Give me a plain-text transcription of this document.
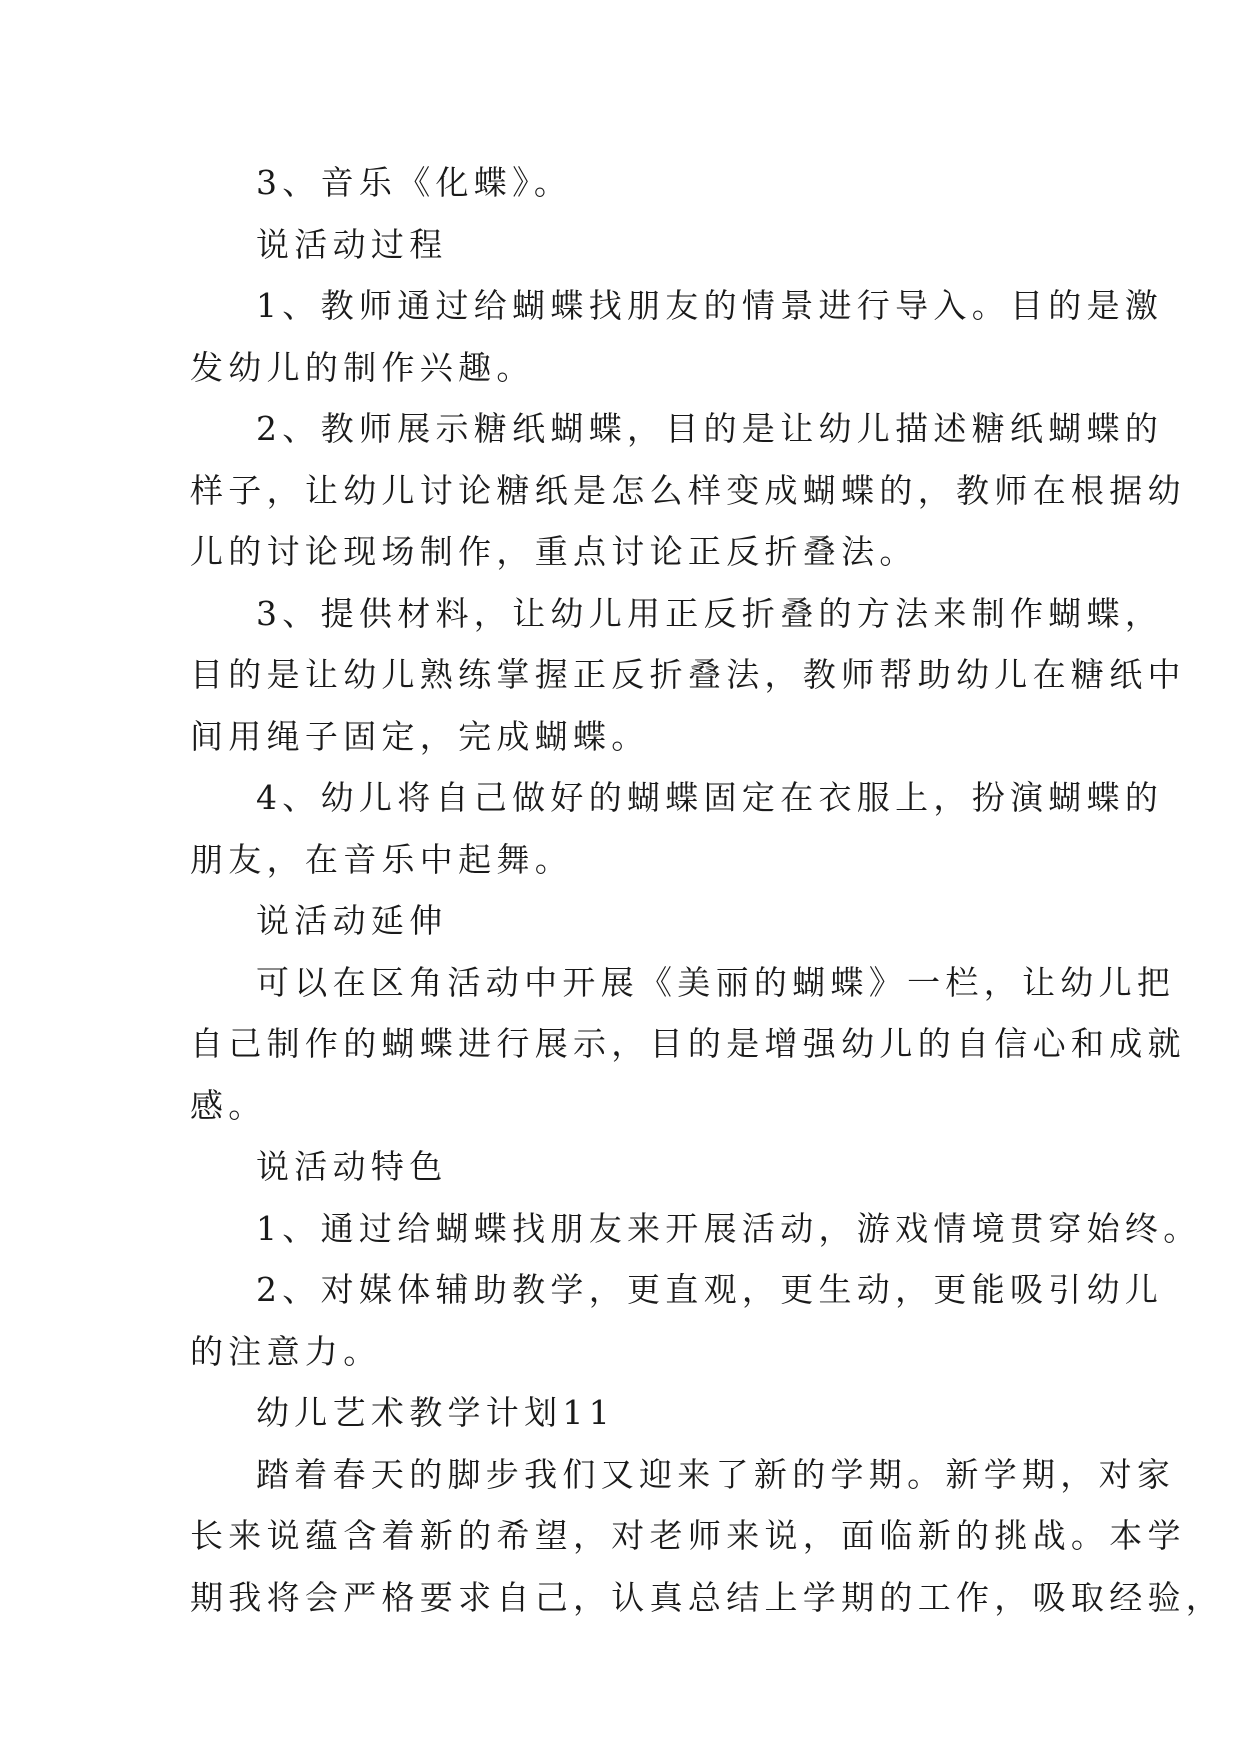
3、音乐《化蝶》。

说活动过程

1、教师通过给蝴蝶找朋友的情景进行导入。目的是激
发幼儿的制作兴趣。

2、教师展示糖纸蝴蝶，目的是让幼儿描述糖纸蝴蝶的
样子，让幼儿讨论糖纸是怎么样变成蝴蝶的，教师在根据幼
儿的讨论现场制作，重点讨论正反折叠法。

3、提供材料，让幼儿用正反折叠的方法来制作蝴蝶，
目的是让幼儿熟练掌握正反折叠法，教师帮助幼儿在糖纸中
间用绳子固定，完成蝴蝶。

4、幼儿将自己做好的蝴蝶固定在衣服上，扮演蝴蝶的
朋友，在音乐中起舞。

说活动延伸

可以在区角活动中开展《美丽的蝴蝶》一栏，让幼儿把
自己制作的蝴蝶进行展示，目的是增强幼儿的自信心和成就
感。

说活动特色

1、通过给蝴蝶找朋友来开展活动，游戏情境贯穿始终。

2、对媒体辅助教学，更直观，更生动，更能吸引幼儿
的注意力。

幼儿艺术教学计划11

踏着春天的脚步我们又迎来了新的学期。新学期，对家
长来说蕴含着新的希望，对老师来说，面临新的挑战。本学
期我将会严格要求自己，认真总结上学期的工作，吸取经验，
